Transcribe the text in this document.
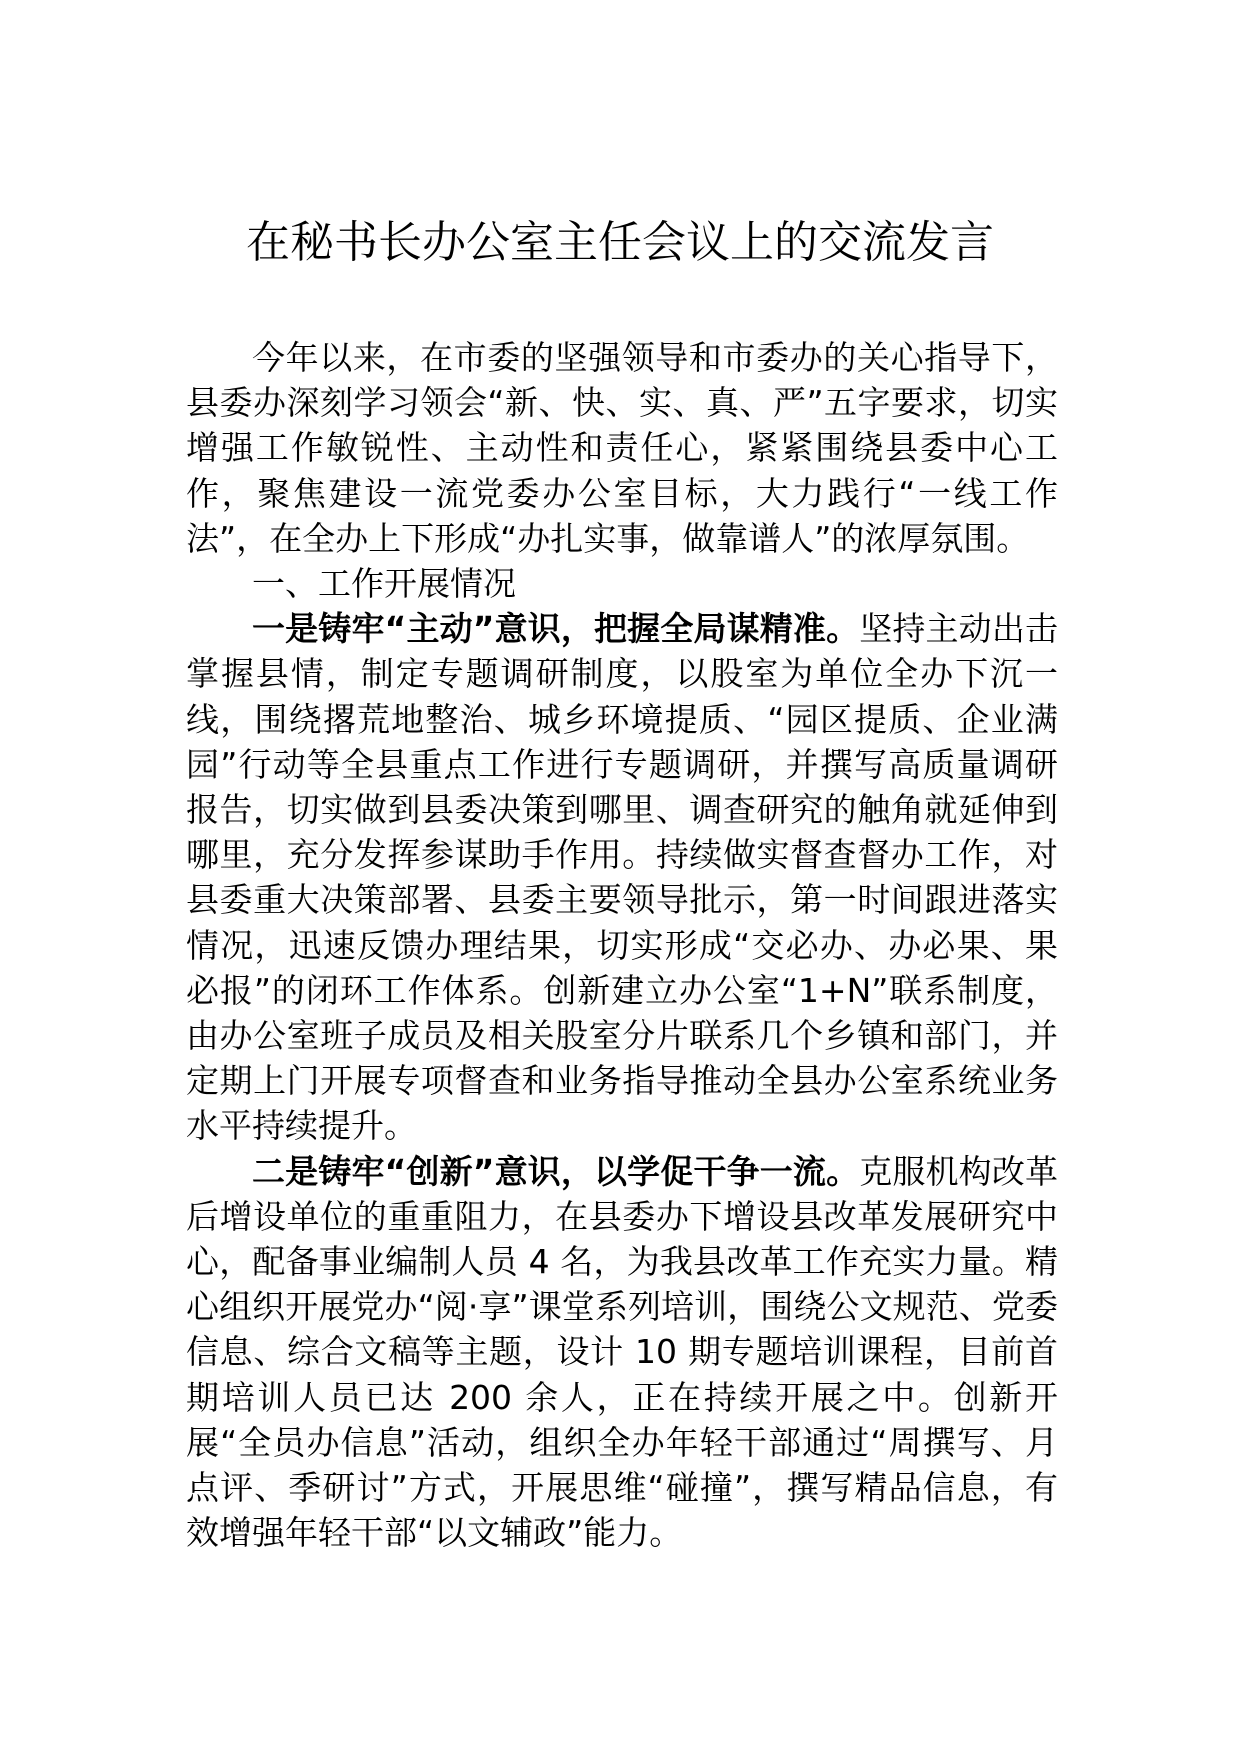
在秘书长办公室主任会议上的交流发言

今年以来，在市委的坚强领导和市委办的关心指导下，县委办深刻学习领会“新、快、实、真、严”五字要求，切实增强工作敏锐性、主动性和责任心，紧紧围绕县委中心工作，聚焦建设一流党委办公室目标，大力践行“一线工作法”，在全办上下形成“办扎实事，做靠谱人”的浓厚氛围。

一、工作开展情况

一是铸牢“主动”意识，把握全局谋精准。坚持主动出击掌握县情，制定专题调研制度，以股室为单位全办下沉一线，围绕撂荒地整治、城乡环境提质、“园区提质、企业满园”行动等全县重点工作进行专题调研，并撰写高质量调研报告，切实做到县委决策到哪里、调查研究的触角就延伸到哪里，充分发挥参谋助手作用。持续做实督查督办工作，对县委重大决策部署、县委主要领导批示，第一时间跟进落实情况，迅速反馈办理结果，切实形成“交必办、办必果、果必报”的闭环工作体系。创新建立办公室“1+N”联系制度，由办公室班子成员及相关股室分片联系几个乡镇和部门，并定期上门开展专项督查和业务指导推动全县办公室系统业务水平持续提升。

二是铸牢“创新”意识，以学促干争一流。克服机构改革后增设单位的重重阻力，在县委办下增设县改革发展研究中心，配备事业编制人员 4 名，为我县改革工作充实力量。精心组织开展党办“阅·享”课堂系列培训，围绕公文规范、党委信息、综合文稿等主题，设计 10 期专题培训课程，目前首期培训人员已达 200 余人，正在持续开展之中。创新开展“全员办信息”活动，组织全办年轻干部通过“周撰写、月点评、季研讨”方式，开展思维“碰撞”，撰写精品信息，有效增强年轻干部“以文辅政”能力。
